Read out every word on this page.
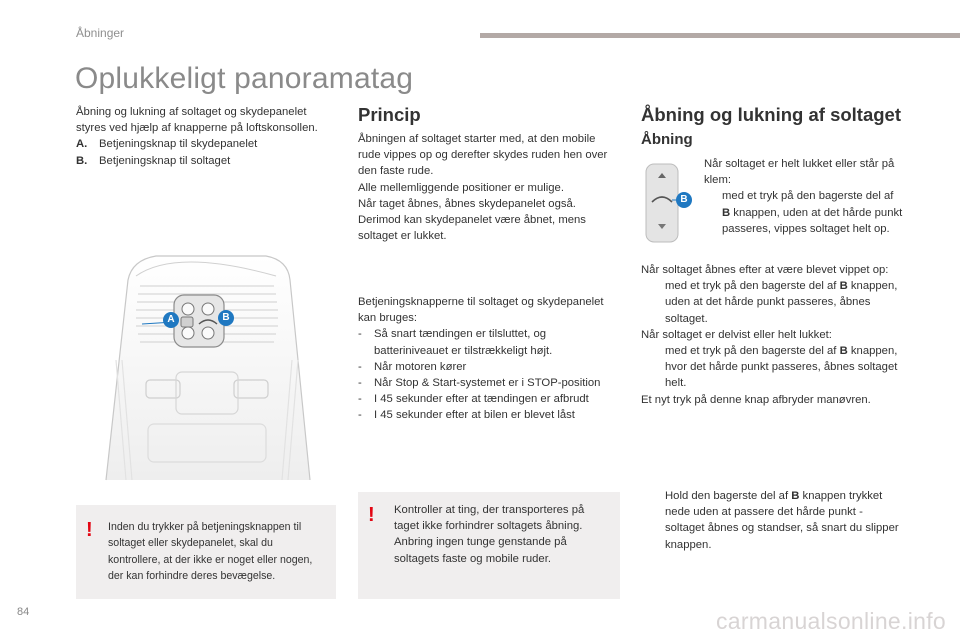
Åbninger
Oplukkeligt panoramatag

Åbning og lukning af soltaget og skydepanelet styres ved hjælp af knapperne på loftskonsollen.

A.	Betjeningsknap til skydepanelet
B.	Betjeningsknap til soltaget
A	B
! Inden du trykker på betjeningsknappen til soltaget eller skydepanelet, skal du kontrollere, at der ikke er noget eller nogen, der kan forhindre deres bevægelse.
Princip

Åbningen af soltaget starter med, at den mobile rude vippes op og derefter skydes ruden hen over den faste rude.

Alle mellemliggende positioner er mulige.

Når taget åbnes, åbnes skydepanelet også.

Derimod kan skydepanelet være åbnet, mens soltaget er lukket.

Betjeningsknapperne til soltaget og skydepanelet kan bruges:

-	Så snart tændingen er tilsluttet, og batteriniveauet er tilstrækkeligt højt.
-	Når motoren kører
-	Når Stop & Start-systemet er i STOP-position
-	I 45 sekunder efter at tændingen er afbrudt
-	I 45 sekunder efter at bilen er blevet låst
! Kontroller at ting, der transporteres på taget ikke forhindrer soltagets åbning. Anbring ingen tunge genstande på soltagets faste og mobile ruder.
Åbning og lukning af soltaget
Åbning
B

Når soltaget er helt lukket eller står på klem:

med et tryk på den bagerste del af B knappen, uden at det hårde punkt passeres, vippes soltaget helt op.

Når soltaget åbnes efter at være blevet vippet op:

med et tryk på den bagerste del af B knappen, uden at det hårde punkt passeres, åbnes soltaget.

Når soltaget er delvist eller helt lukket:

med et tryk på den bagerste del af B knappen, hvor det hårde punkt passeres, åbnes soltaget helt.

Et nyt tryk på denne knap afbryder manøvren.

Hold den bagerste del af B knappen trykket nede uden at passere det hårde punkt - soltaget åbnes og standser, så snart du slipper knappen.
84	carmanualsonline.info
